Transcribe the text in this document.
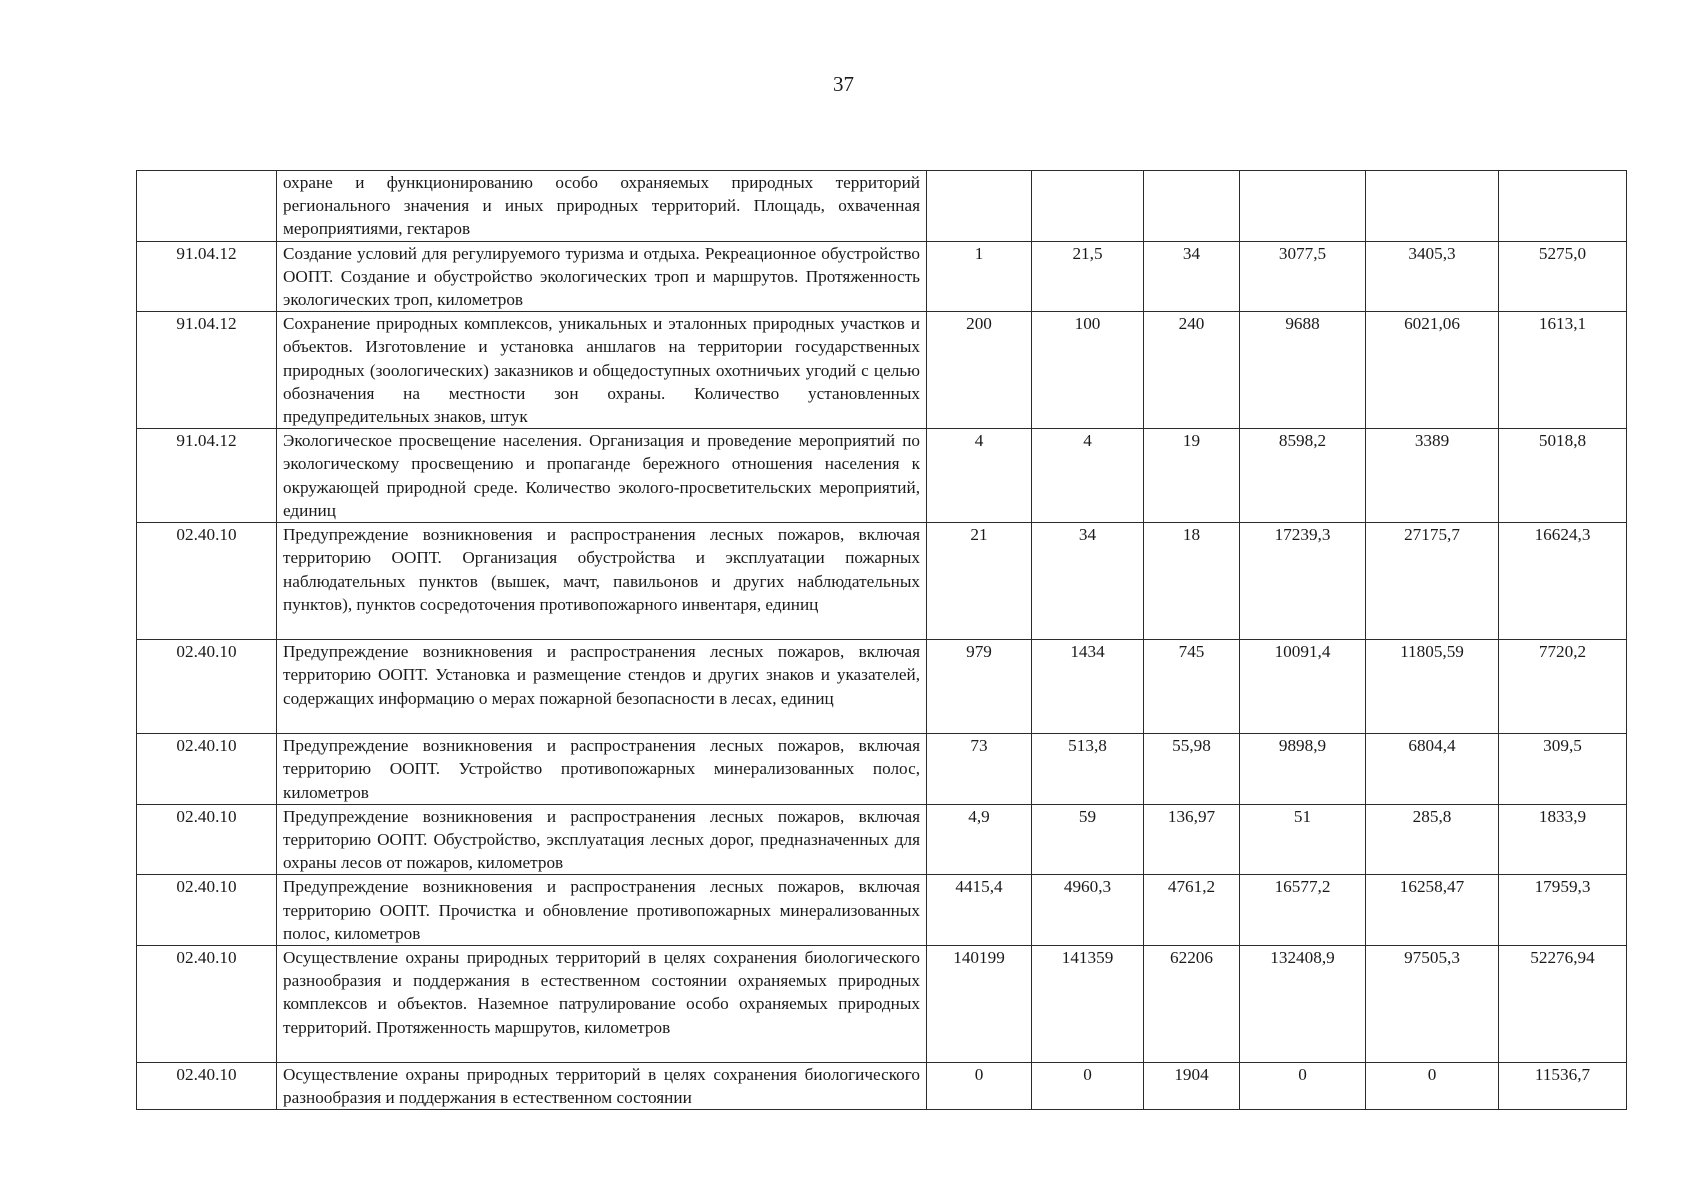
37
	охране и функционированию особо охраняемых природных территорий регионального значения и иных природных территорий. Площадь, охваченная мероприятиями, гектаров						
91.04.12	Создание условий для регулируемого туризма и отдыха. Рекреационное обустройство ООПТ. Создание и обустройство экологических троп и маршрутов. Протяженность экологических троп, километров	1	21,5	34	3077,5	3405,3	5275,0
91.04.12	Сохранение природных комплексов, уникальных и эталонных природных участков и объектов. Изготовление и установка аншлагов на территории государственных природных (зоологических) заказников и общедоступных охотничьих угодий с целью обозначения на местности зон охраны. Количество установленных предупредительных знаков, штук	200	100	240	9688	6021,06	1613,1
91.04.12	Экологическое просвещение населения. Организация и проведение мероприятий по экологическому просвещению и пропаганде бережного отношения населения к окружающей природной среде. Количество эколого-просветительских мероприятий, единиц	4	4	19	8598,2	3389	5018,8
02.40.10	Предупреждение возникновения и распространения лесных пожаров, включая территорию ООПТ. Организация обустройства и эксплуатации пожарных наблюдательных пунктов (вышек, мачт, павильонов и других наблюдательных пунктов), пунктов сосредоточения противопожарного инвентаря, единиц	21	34	18	17239,3	27175,7	16624,3
02.40.10	Предупреждение возникновения и распространения лесных пожаров, включая территорию ООПТ. Установка и размещение стендов и других знаков и указателей, содержащих информацию о мерах пожарной безопасности в лесах, единиц	979	1434	745	10091,4	11805,59	7720,2
02.40.10	Предупреждение возникновения и распространения лесных пожаров, включая территорию ООПТ. Устройство противопожарных минерализованных полос, километров	73	513,8	55,98	9898,9	6804,4	309,5
02.40.10	Предупреждение возникновения и распространения лесных пожаров, включая территорию ООПТ. Обустройство, эксплуатация лесных дорог, предназначенных для охраны лесов от пожаров, километров	4,9	59	136,97	51	285,8	1833,9
02.40.10	Предупреждение возникновения и распространения лесных пожаров, включая территорию ООПТ. Прочистка и обновление противопожарных минерализованных полос, километров	4415,4	4960,3	4761,2	16577,2	16258,47	17959,3
02.40.10	Осуществление охраны природных территорий в целях сохранения биологического разнообразия и поддержания в естественном состоянии охраняемых природных комплексов и объектов. Наземное патрулирование особо охраняемых природных территорий. Протяженность маршрутов, километров	140199	141359	62206	132408,9	97505,3	52276,94
02.40.10	Осуществление охраны природных территорий в целях сохранения биологического разнообразия и поддержания в естественном состоянии	0	0	1904	0	0	11536,7
